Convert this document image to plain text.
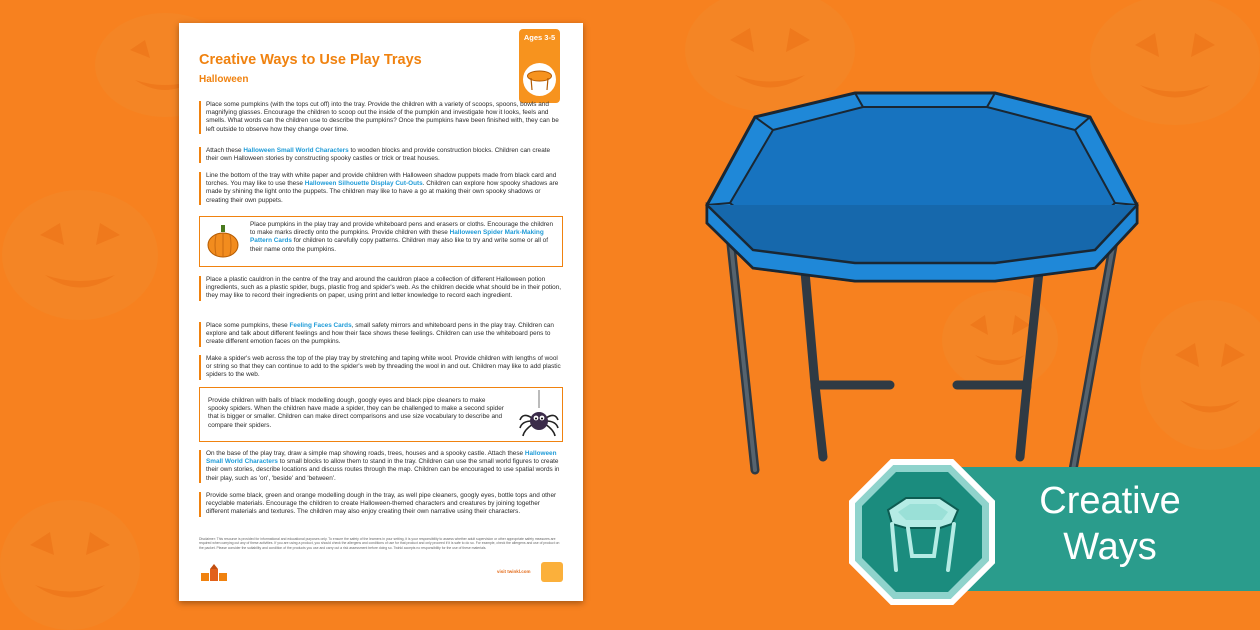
Creative Ways to Use Play Trays
Halloween
Ages 3-5
Place some pumpkins (with the tops cut off) into the tray. Provide the children with a variety of scoops, spoons, bowls and magnifying glasses. Encourage the children to scoop out the inside of the pumpkin and investigate how it looks, feels and smells. What words can the children use to describe the pumpkins? Once the pumpkins have been finished with, they can be left outside to observe how they change over time.
Attach these Halloween Small World Characters to wooden blocks and provide construction blocks. Children can create their own Halloween stories by constructing spooky castles or trick or treat houses.
Line the bottom of the tray with white paper and provide children with Halloween shadow puppets made from black card and torches. You may like to use these Halloween Silhouette Display Cut-Outs. Children can explore how spooky shadows are made by shining the light onto the puppets. The children may like to have a go at making their own spooky shadows or creating their own puppets.
Place pumpkins in the play tray and provide whiteboard pens and erasers or cloths. Encourage the children to make marks directly onto the pumpkins. Provide children with these Halloween Spider Mark-Making Pattern Cards for children to carefully copy patterns. Children may also like to try and write some or all of their name onto the pumpkins.
Place a plastic cauldron in the centre of the tray and around the cauldron place a collection of different Halloween potion ingredients, such as a plastic spider, bugs, plastic frog and spider's web. As the children decide what should be in their potion, they may like to record their ingredients on paper, using print and letter knowledge to record each ingredient.
Place some pumpkins, these Feeling Faces Cards, small safety mirrors and whiteboard pens in the play tray. Children can explore and talk about different feelings and how their face shows these feelings. Children can use the whiteboard pens to create different emotion faces on the pumpkins.
Make a spider's web across the top of the play tray by stretching and taping white wool. Provide children with lengths of wool or string so that they can continue to add to the spider's web by threading the wool in and out. Children may like to add plastic spiders to the web.
Provide children with balls of black modelling dough, googly eyes and black pipe cleaners to make spooky spiders. When the children have made a spider, they can be challenged to make a second spider that is bigger or smaller. Children can make direct comparisons and use size vocabulary to describe and compare their spiders.
On the base of the play tray, draw a simple map showing roads, trees, houses and a spooky castle. Attach these Halloween Small World Characters to small blocks to allow them to stand in the tray. Children can use the small world figures to create their own stories, describe locations and discuss routes through the map. Children can be encouraged to use spatial words in their play, such as 'on', 'beside' and 'between'.
Provide some black, green and orange modelling dough in the tray, as well pipe cleaners, googly eyes, bottle tops and other recyclable materials. Encourage the children to create Halloween-themed characters and creatures by joining together different materials and textures. The children may also enjoy creating their own narrative using their characters.
Disclaimer: This resource is provided for informational and educational purposes only. To ensure the safety of the learners in your setting, it is your responsibility to assess whether adult supervision or other appropriate safety measures are required when carrying out any of these activities. If you are using a product, you should check the allergens and conditions of use for that product and only proceed if it is safe to do so. For example, check the allergens and use of product on the packet. Please consider the suitability and condition of the products you use and carry out a risk assessment before doing so. Twinkl accepts no responsibility for the use of these materials.
visit twinkl.com
Creative
Ways
